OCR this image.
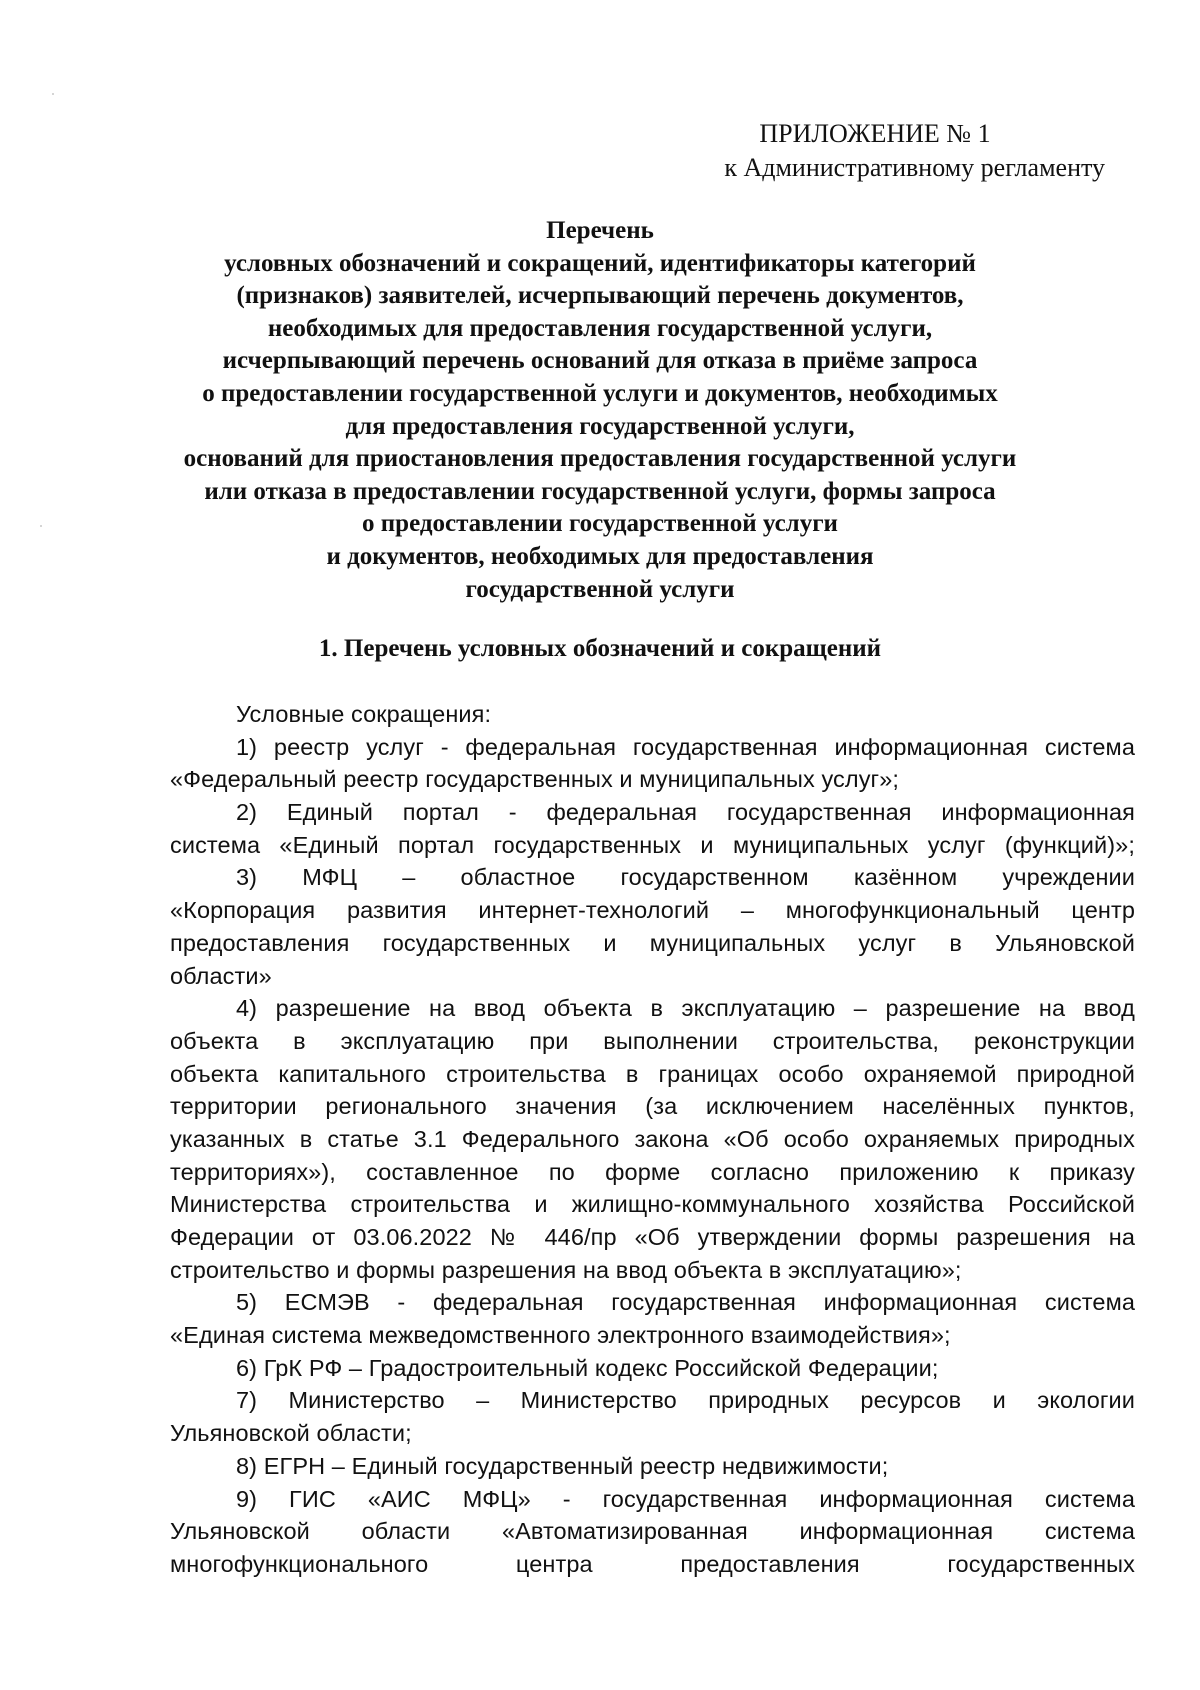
ПРИЛОЖЕНИЕ № 1
к Административному регламенту
Перечень
условных обозначений и сокращений, идентификаторы категорий
(признаков) заявителей, исчерпывающий перечень документов,
необходимых для предоставления государственной услуги,
исчерпывающий перечень оснований для отказа в приёме запроса
о предоставлении государственной услуги и документов, необходимых
для предоставления государственной услуги,
оснований для приостановления предоставления государственной услуги
или отказа в предоставлении государственной услуги, формы запроса
о предоставлении государственной услуги
и документов, необходимых для предоставления
государственной услуги
1. Перечень условных обозначений и сокращений
Условные сокращения:
1) реестр услуг - федеральная государственная информационная система
«Федеральный реестр государственных и муниципальных услуг»;
2) Единый портал - федеральная государственная информационная
система «Единый портал государственных и муниципальных услуг (функций)»;
3) МФЦ – областное государственном казённом учреждении
«Корпорация развития интернет-технологий – многофункциональный центр
предоставления государственных и муниципальных услуг в Ульяновской
области»
4) разрешение на ввод объекта в эксплуатацию – разрешение на ввод
объекта в эксплуатацию при выполнении строительства, реконструкции
объекта капитального строительства в границах особо охраняемой природной
территории регионального значения (за исключением населённых пунктов,
указанных в статье 3.1 Федерального закона «Об особо охраняемых природных
территориях»), составленное по форме согласно приложению к приказу
Министерства строительства и жилищно-коммунального хозяйства Российской
Федерации от 03.06.2022 № 446/пр «Об утверждении формы разрешения на
строительство и формы разрешения на ввод объекта в эксплуатацию»;
5) ЕСМЭВ - федеральная государственная информационная система
«Единая система межведомственного электронного взаимодействия»;
6) ГрК РФ – Градостроительный кодекс Российской Федерации;
7) Министерство – Министерство природных ресурсов и экологии
Ульяновской области;
8) ЕГРН – Единый государственный реестр недвижимости;
9) ГИС «АИС МФЦ» - государственная информационная система
Ульяновской области «Автоматизированная информационная система
многофункционального центра предоставления государственных
